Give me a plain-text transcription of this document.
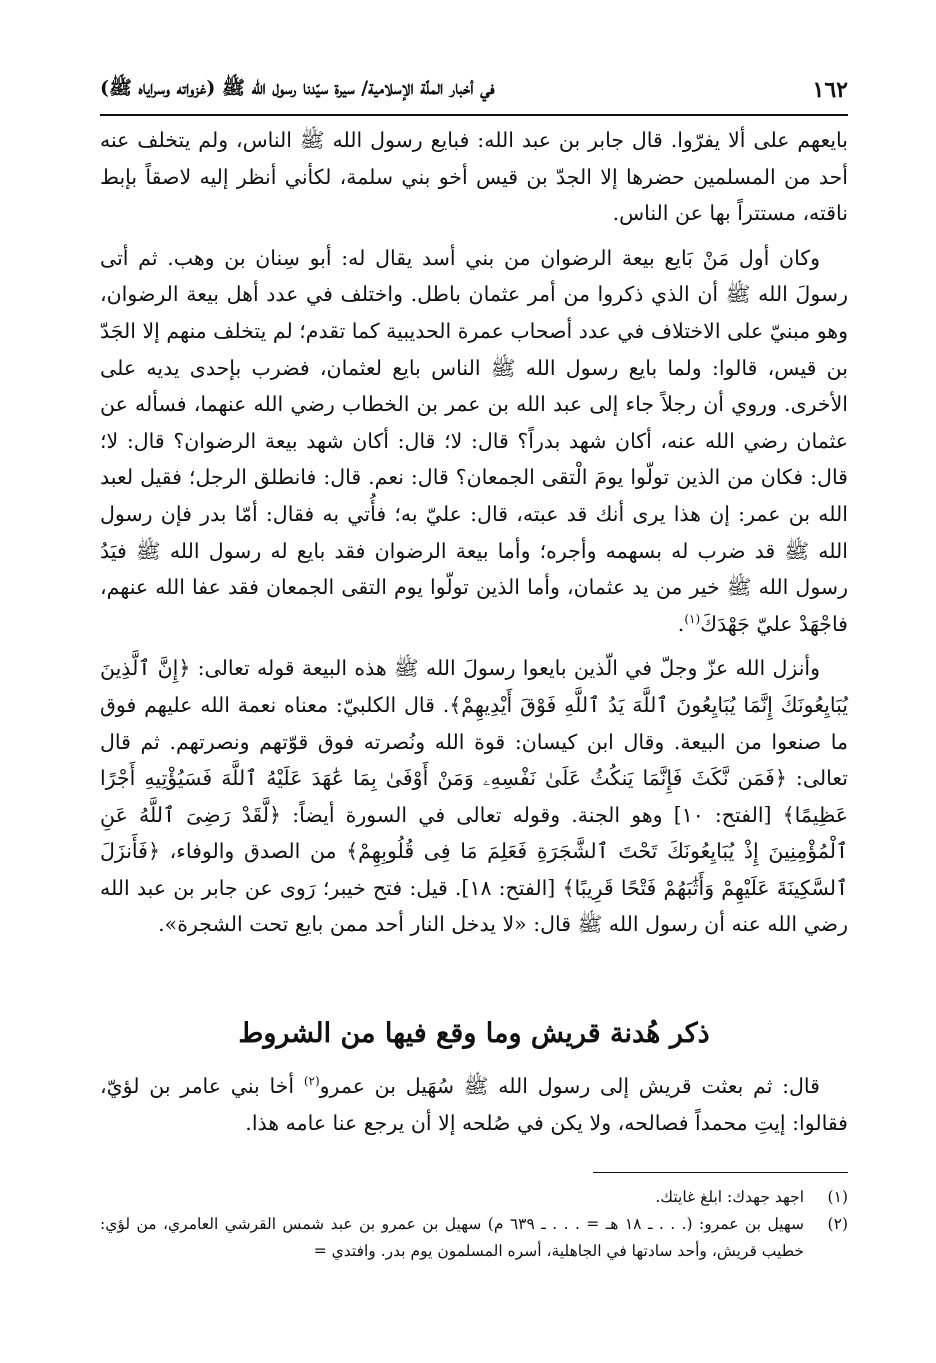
١٦٢
في أخبار الملّة الإسلامية/ سيرة سيّدنا رسول الله ﷺ (غزواته وسراياه ﷺ)

بايعهم على ألا يفرّوا. قال جابر بن عبد الله: فبايع رسول الله ﷺ الناس، ولم يتخلف عنه أحد من المسلمين حضرها إلا الجدّ بن قيس أخو بني سلمة، لكأني أنظر إليه لاصقاً بإبط ناقته، مستتراً بها عن الناس.

وكان أول مَنْ بَايع بيعة الرضوان من بني أسد يقال له: أبو سِنان بن وهب. ثم أتى رسولَ الله ﷺ أن الذي ذكروا من أمر عثمان باطل. واختلف في عدد أهل بيعة الرضوان، وهو مبنيّ على الاختلاف في عدد أصحاب عمرة الحديبية كما تقدم؛ لم يتخلف منهم إلا الجَدّ بن قيس، قالوا: ولما بايع رسول الله ﷺ الناس بايع لعثمان، فضرب بإحدى يديه على الأخرى. وروي أن رجلاً جاء إلى عبد الله بن عمر بن الخطاب رضي الله عنهما، فسأله عن عثمان رضي الله عنه، أكان شهد بدراً؟ قال: لا؛ قال: أكان شهد بيعة الرضوان؟ قال: لا؛ قال: فكان من الذين تولّوا يومَ الْتقى الجمعان؟ قال: نعم. قال: فانطلق الرجل؛ فقيل لعبد الله بن عمر: إن هذا يرى أنك قد عبته، قال: عليّ به؛ فأُتي به فقال: أمّا بدر فإن رسول الله ﷺ قد ضرب له بسهمه وأجره؛ وأما بيعة الرضوان فقد بايع له رسول الله ﷺ فيَدُ رسول الله ﷺ خير من يد عثمان، وأما الذين تولّوا يوم التقى الجمعان فقد عفا الله عنهم، فاجْهَدْ عليّ جَهْدَكَ$^{(١)}$.

وأنزل الله عزّ وجلّ في الّذين بايعوا رسولَ الله ﷺ هذه البيعة قوله تعالى: ﴿إِنَّ ٱلَّذِينَ يُبَايِعُونَكَ إِنَّمَا يُبَايِعُونَ ٱللَّهَ يَدُ ٱللَّهِ فَوْقَ أَيْدِيهِمْ﴾. قال الكلبيّ: معناه نعمة الله عليهم فوق ما صنعوا من البيعة. وقال ابن كيسان: قوة الله ونُصرته فوق قوّتهم ونصرتهم. ثم قال تعالى: ﴿فَمَن نَّكَثَ فَإِنَّمَا يَنكُثُ عَلَىٰ نَفْسِهِۦ وَمَنْ أَوْفَىٰ بِمَا عَٰهَدَ عَلَيْهُ ٱللَّهَ فَسَيُؤْتِيهِ أَجْرًا عَظِيمًا﴾ [الفتح: ١٠] وهو الجنة. وقوله تعالى في السورة أيضاً: ﴿لَّقَدْ رَضِىَ ٱللَّهُ عَنِ ٱلْمُؤْمِنِينَ إِذْ يُبَايِعُونَكَ تَحْتَ ٱلشَّجَرَةِ فَعَلِمَ مَا فِى قُلُوبِهِمْ﴾ من الصدق والوفاء، ﴿فَأَنزَلَ ٱلسَّكِينَةَ عَلَيْهِمْ وَأَثَٰبَهُمْ فَتْحًا قَرِيبًا﴾ [الفتح: ١٨]. قيل: فتح خيبر؛ رَوى عن جابر بن عبد الله رضي الله عنه أن رسول الله ﷺ قال: «لا يدخل النار أحد ممن بايع تحت الشجرة».

ذكر هُدنة قريش وما وقع فيها من الشروط

قال: ثم بعثت قريش إلى رسول الله ﷺ سُهَيل بن عمرو$^{(٢)}$ أخا بني عامر بن لؤيّ، فقالوا: إيتِ محمداً فصالحه، ولا يكن في صُلحه إلا أن يرجع عنا عامه هذا.

(١)
اجهد جهدك: ابلغ غايتك.
(٢)
سهيل بن عمرو: (. . . ـ ١٨ هـ = . . . ـ ٦٣٩ م) سهيل بن عمرو بن عبد شمس القرشي العامري، من لؤي: خطيب قريش، وأحد سادتها في الجاهلية، أسره المسلمون يوم بدر. وافتدي =
